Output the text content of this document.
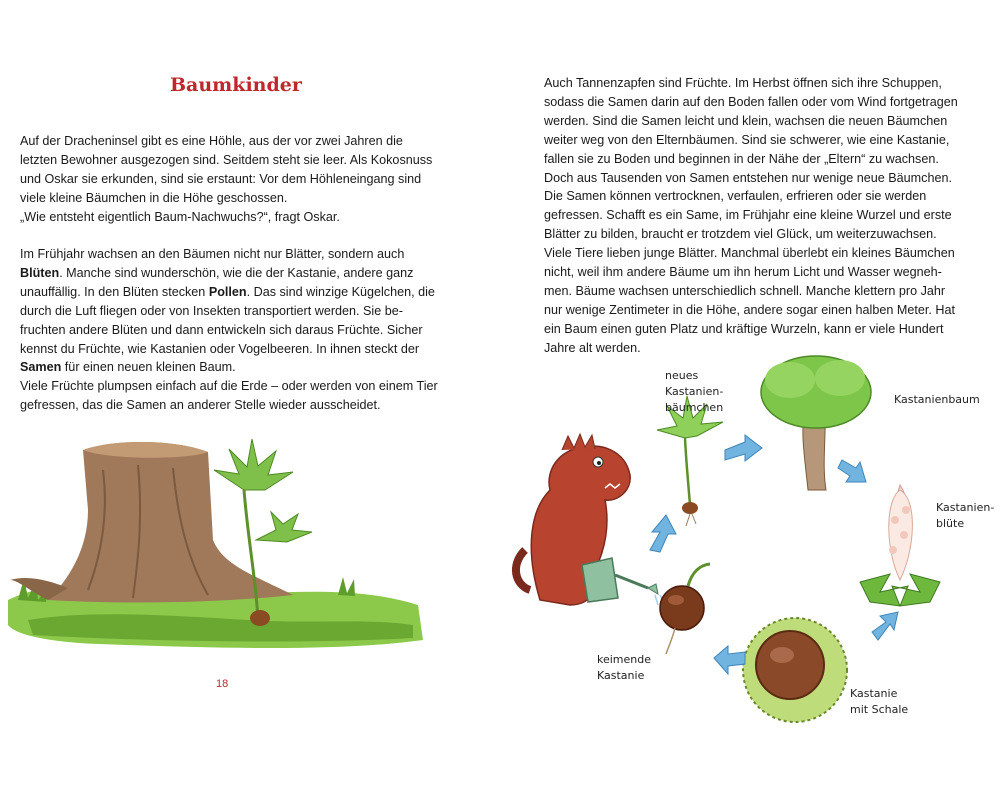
Baumkinder

Auf der Dracheninsel gibt es eine Höhle, aus der vor zwei Jahren die
letzten Bewohner ausgezogen sind. Seitdem steht sie leer. Als Kokosnuss
und Oskar sie erkunden, sind sie erstaunt: Vor dem Höhleneingang sind
viele kleine Bäumchen in die Höhe geschossen.
„Wie entsteht eigentlich Baum-Nachwuchs?“, fragt Oskar.

Im Frühjahr wachsen an den Bäumen nicht nur Blätter, sondern auch
Blüten. Manche sind wunderschön, wie die der Kastanie, andere ganz
unauffällig. In den Blüten stecken Pollen. Das sind winzige Kügelchen, die
durch die Luft fliegen oder von Insekten transportiert werden. Sie be-
fruchten andere Blüten und dann entwickeln sich daraus Früchte. Sicher
kennst du Früchte, wie Kastanien oder Vogelbeeren. In ihnen steckt der
Samen für einen neuen kleinen Baum.
Viele Früchte plumpsen einfach auf die Erde – oder werden von einem Tier
gefressen, das die Samen an anderer Stelle wieder ausscheidet.

18

Auch Tannenzapfen sind Früchte. Im Herbst öffnen sich ihre Schuppen,
sodass die Samen darin auf den Boden fallen oder vom Wind fortgetragen
werden. Sind die Samen leicht und klein, wachsen die neuen Bäumchen
weiter weg von den Elternbäumen. Sind sie schwerer, wie eine Kastanie,
fallen sie zu Boden und beginnen in der Nähe der „Eltern“ zu wachsen.
Doch aus Tausenden von Samen entstehen nur wenige neue Bäumchen.
Die Samen können vertrocknen, verfaulen, erfrieren oder sie werden
gefressen. Schafft es ein Same, im Frühjahr eine kleine Wurzel und erste
Blätter zu bilden, braucht er trotzdem viel Glück, um weiterzuwachsen.
Viele Tiere lieben junge Blätter. Manchmal überlebt ein kleines Bäumchen
nicht, weil ihm andere Bäume um ihn herum Licht und Wasser wegneh-
men. Bäume wachsen unterschiedlich schnell. Manche klettern pro Jahr
nur wenige Zentimeter in die Höhe, andere sogar einen halben Meter. Hat
ein Baum einen guten Platz und kräftige Wurzeln, kann er viele Hundert
Jahre alt werden.

neues
Kastanien-
bäumchen
Kastanienbaum
Kastanien-
blüte
Kastanie
mit Schale
keimende
Kastanie
